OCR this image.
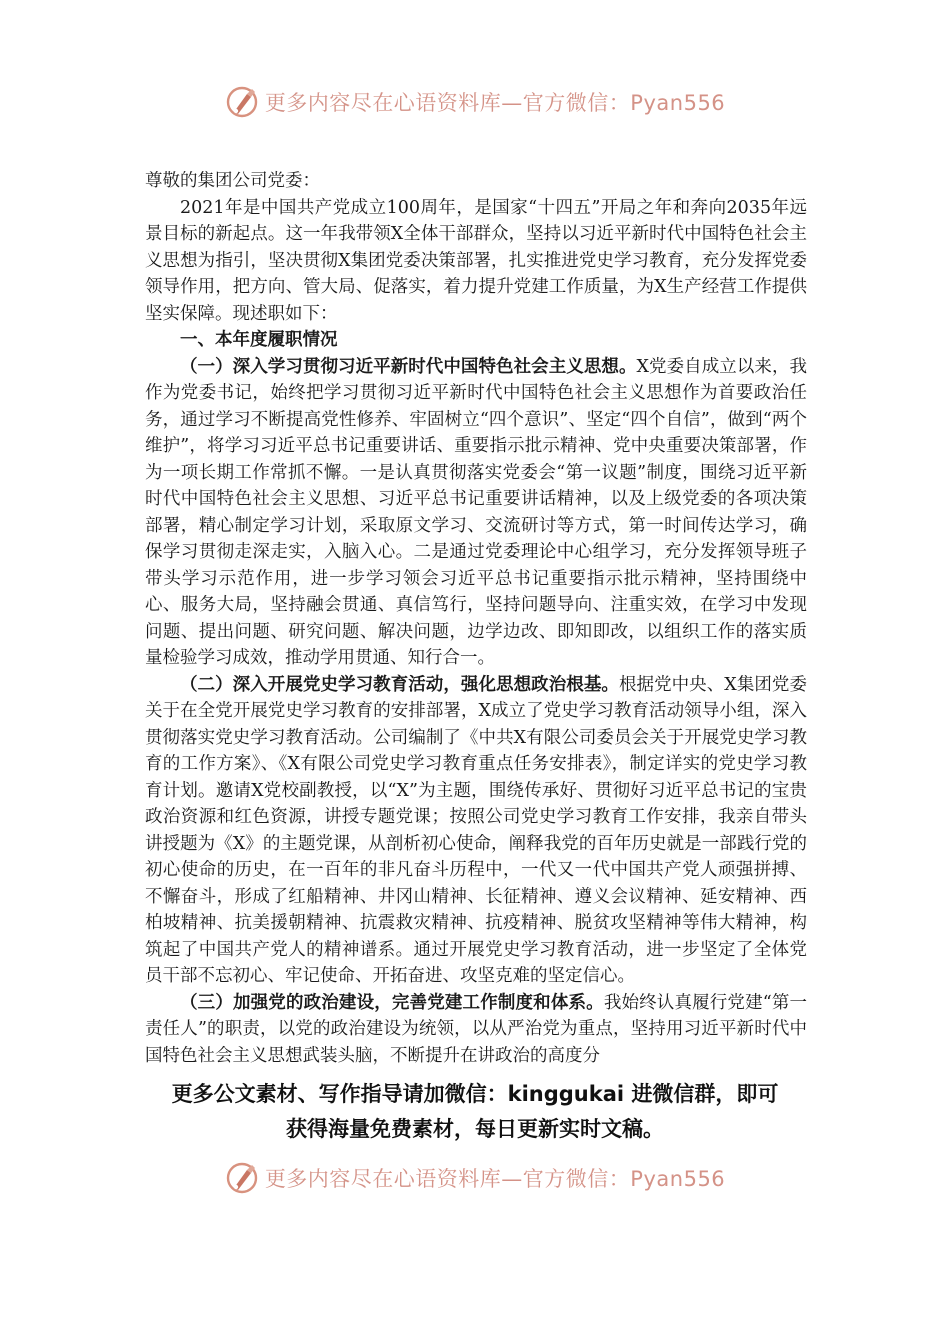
更多内容尽在心语资料库—官方微信：Pyan556

尊敬的集团公司党委：

2021年是中国共产党成立100周年，是国家“十四五”开局之年和奔向2035年远景目标的新起点。这一年我带领X全体干部群众，坚持以习近平新时代中国特色社会主义思想为指引，坚决贯彻X集团党委决策部署，扎实推进党史学习教育，充分发挥党委领导作用，把方向、管大局、促落实，着力提升党建工作质量，为X生产经营工作提供坚实保障。现述职如下：

一、本年度履职情况

（一）深入学习贯彻习近平新时代中国特色社会主义思想。X党委自成立以来，我作为党委书记，始终把学习贯彻习近平新时代中国特色社会主义思想作为首要政治任务，通过学习不断提高党性修养、牢固树立“四个意识”、坚定“四个自信”，做到“两个维护”，将学习习近平总书记重要讲话、重要指示批示精神、党中央重要决策部署，作为一项长期工作常抓不懈。一是认真贯彻落实党委会“第一议题”制度，围绕习近平新时代中国特色社会主义思想、习近平总书记重要讲话精神，以及上级党委的各项决策部署，精心制定学习计划，采取原文学习、交流研讨等方式，第一时间传达学习，确保学习贯彻走深走实，入脑入心。二是通过党委理论中心组学习，充分发挥领导班子带头学习示范作用，进一步学习领会习近平总书记重要指示批示精神，坚持围绕中心、服务大局，坚持融会贯通、真信笃行，坚持问题导向、注重实效，在学习中发现问题、提出问题、研究问题、解决问题，边学边改、即知即改，以组织工作的落实质量检验学习成效，推动学用贯通、知行合一。

（二）深入开展党史学习教育活动，强化思想政治根基。根据党中央、X集团党委关于在全党开展党史学习教育的安排部署，X成立了党史学习教育活动领导小组，深入贯彻落实党史学习教育活动。公司编制了《中共X有限公司委员会关于开展党史学习教育的工作方案》、《X有限公司党史学习教育重点任务安排表》，制定详实的党史学习教育计划。邀请X党校副教授，以“X”为主题，围绕传承好、贯彻好习近平总书记的宝贵政治资源和红色资源，讲授专题党课；按照公司党史学习教育工作安排，我亲自带头讲授题为《X》的主题党课，从剖析初心使命，阐释我党的百年历史就是一部践行党的初心使命的历史，在一百年的非凡奋斗历程中，一代又一代中国共产党人顽强拼搏、不懈奋斗，形成了红船精神、井冈山精神、长征精神、遵义会议精神、延安精神、西柏坡精神、抗美援朝精神、抗震救灾精神、抗疫精神、脱贫攻坚精神等伟大精神，构筑起了中国共产党人的精神谱系。通过开展党史学习教育活动，进一步坚定了全体党员干部不忘初心、牢记使命、开拓奋进、攻坚克难的坚定信心。

（三）加强党的政治建设，完善党建工作制度和体系。我始终认真履行党建“第一责任人”的职责，以党的政治建设为统领，以从严治党为重点，坚持用习近平新时代中国特色社会主义思想武装头脑，不断提升在讲政治的高度分

更多公文素材、写作指导请加微信：kinggukai 进微信群，即可
获得海量免费素材，每日更新实时文稿。
更多内容尽在心语资料库—官方微信：Pyan556
